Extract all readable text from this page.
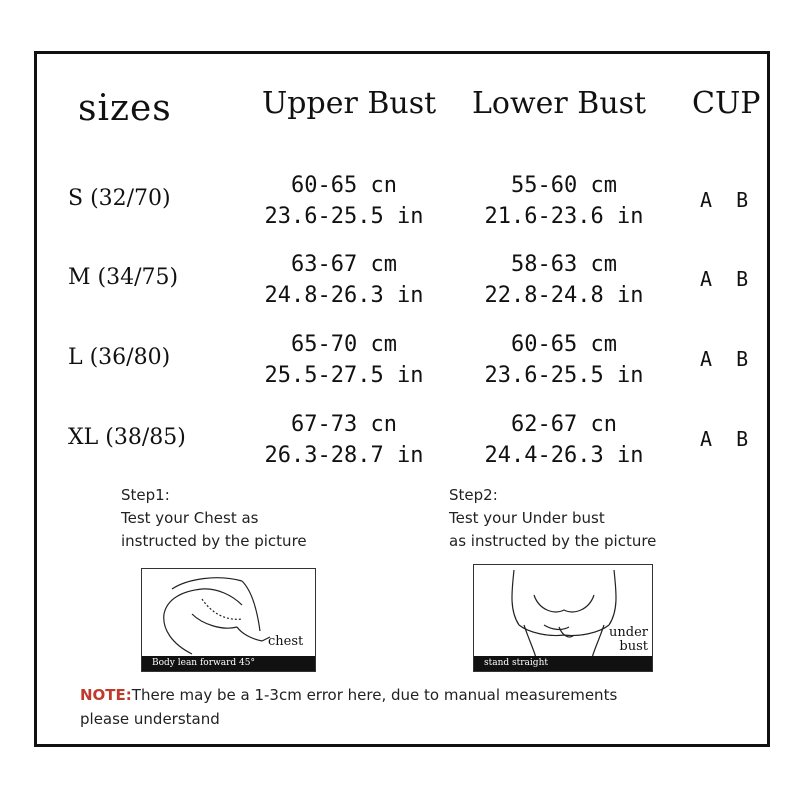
sizes	Upper Bust Lower Bust CUP
S (32/70)
60-65 cn
23.6-25.5 in
55-60 cm
21.6-23.6 in
A B
M (34/75)
63-67 cm
24.8-26.3 in
58-63 cm
22.8-24.8 in
A B
L (36/80)
65-70 cm
25.5-27.5 in
60-65 cm
23.6-25.5 in
A B
XL (38/85)
67-73 cn
26.3-28.7 in
62-67 cn
24.4-26.3 in
A B
Step1:
Test your Chest as
instructed by the picture
Step2:
Test your Under bust
as instructed by the picture
chest
Body lean forward 45°
under
bust
stand straight
NOTE:There may be a 1-3cm error here, due to manual measurements
please understand
